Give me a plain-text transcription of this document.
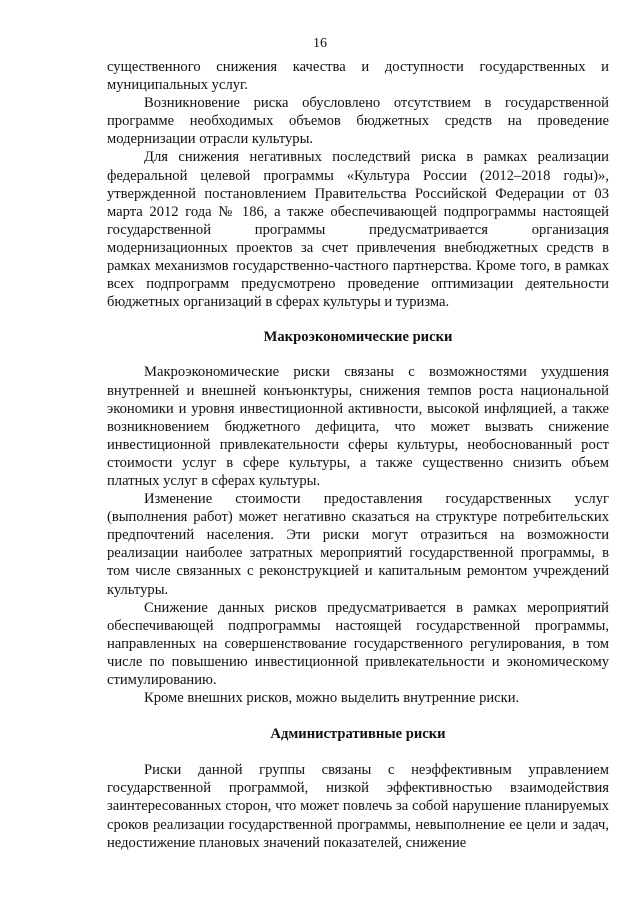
16

существенного снижения качества и доступности государственных и муниципальных услуг.

Возникновение риска обусловлено отсутствием в государственной программе необходимых объемов бюджетных средств на проведение модернизации отрасли культуры.

Для снижения негативных последствий риска в рамках реализации федеральной целевой программы «Культура России (2012–2018 годы)», утвержденной постановлением Правительства Российской Федерации от 03 марта 2012 года № 186, а также обеспечивающей подпрограммы настоящей государственной программы предусматривается организация модернизационных проектов за счет привлечения внебюджетных средств в рамках механизмов государственно-частного партнерства. Кроме того, в рамках всех подпрограмм предусмотрено проведение оптимизации деятельности бюджетных организаций в сферах культуры и туризма.

Макроэкономические риски

Макроэкономические риски связаны с возможностями ухудшения внутренней и внешней конъюнктуры, снижения темпов роста национальной экономики и уровня инвестиционной активности, высокой инфляцией, а также возникновением бюджетного дефицита, что может вызвать снижение инвестиционной привлекательности сферы культуры, необоснованный рост стоимости услуг в сфере культуры, а также существенно снизить объем платных услуг в сферах культуры.

Изменение стоимости предоставления государственных услуг (выполнения работ) может негативно сказаться на структуре потребительских предпочтений населения. Эти риски могут отразиться на возможности реализации наиболее затратных мероприятий государственной программы, в том числе связанных с реконструкцией и капитальным ремонтом учреждений культуры.

Снижение данных рисков предусматривается в рамках мероприятий обеспечивающей подпрограммы настоящей государственной программы, направленных на совершенствование государственного регулирования, в том числе по повышению инвестиционной привлекательности и экономическому стимулированию.

Кроме внешних рисков, можно выделить внутренние риски.

Административные риски

Риски данной группы связаны с неэффективным управлением государственной программой, низкой эффективностью взаимодействия заинтересованных сторон, что может повлечь за собой нарушение планируемых сроков реализации государственной программы, невыполнение ее цели и задач, недостижение плановых значений показателей, снижение
